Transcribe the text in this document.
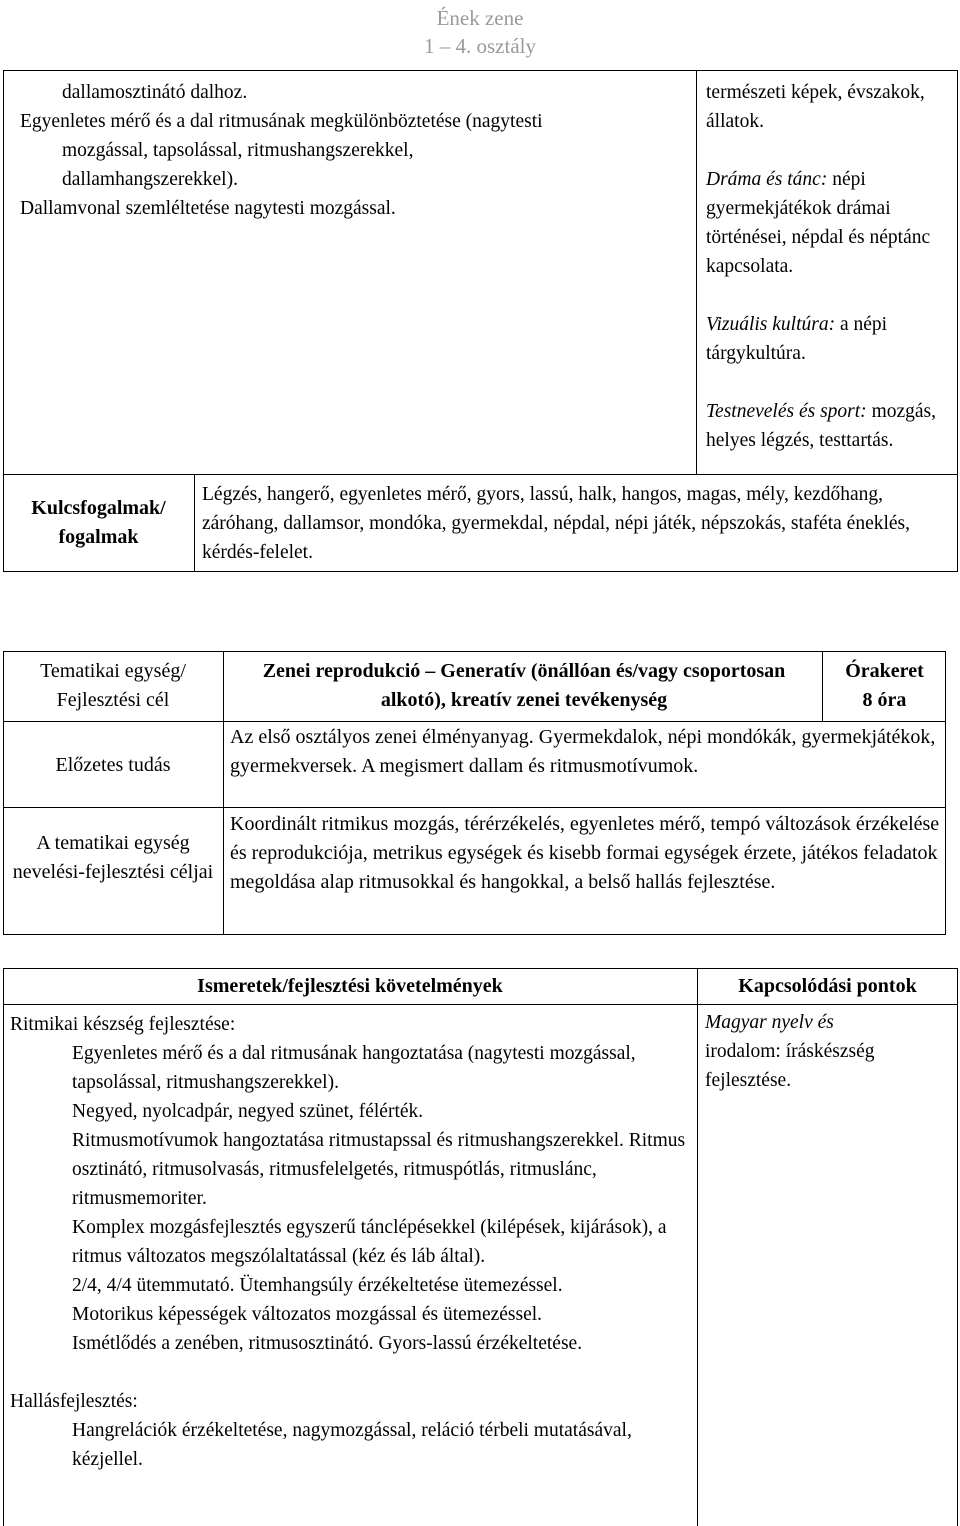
Ének zene
1 – 4. osztály

dallamosztinátó dalhoz.

Egyenletes mérő és a dal ritmusának megkülönböztetése (nagytesti

mozgással, tapsolással, ritmushangszerekkel,

dallamhangszerekkel).

Dallamvonal szemléltetése nagytesti mozgással.

természeti képek, évszakok, állatok.

Dráma és tánc: népi gyermekjátékok drámai történései, népdal és néptánc kapcsolata.

Vizuális kultúra: a népi tárgykultúra.

Testnevelés és sport: mozgás, helyes légzés, testtartás.

Kulcsfogalmak/ fogalmak
Légzés, hangerő, egyenletes mérő, gyors, lassú, halk, hangos, magas, mély, kezdőhang, záróhang, dallamsor, mondóka, gyermekdal, népdal, népi játék, népszokás, staféta éneklés, kérdés-felelet.
Tematikai egység/ Fejlesztési cél
Zenei reprodukció – Generatív (önállóan és/vagy csoportosan alkotó), kreatív zenei tevékenység

Órakeret

8 óra

Előzetes tudás
Az első osztályos zenei élményanyag. Gyermekdalok, népi mondókák, gyermekjátékok, gyermekversek. A megismert dallam és ritmusmotívumok.
A tematikai egység nevelési-fejlesztési céljai
Koordinált ritmikus mozgás, térérzékelés, egyenletes mérő, tempó változások érzékelése és reprodukciója, metrikus egységek és kisebb formai egységek érzete, játékos feladatok megoldása alap ritmusokkal és hangokkal, a belső hallás fejlesztése.
Ismeretek/fejlesztési követelmények	Kapcsolódási pontok

Ritmikai készség fejlesztése:

Egyenletes mérő és a dal ritmusának hangoztatása (nagytesti mozgással, tapsolással, ritmushangszerekkel).

Negyed, nyolcadpár, negyed szünet, félérték.

Ritmusmotívumok hangoztatása ritmustapssal és ritmushangszerekkel. Ritmus osztinátó, ritmusolvasás, ritmusfelelgetés, ritmuspótlás, ritmuslánc, ritmusmemoriter.

Komplex mozgásfejlesztés egyszerű tánclépésekkel (kilépések, kijárások), a ritmus változatos megszólaltatással (kéz és láb által).

2/4, 4/4 ütemmutató. Ütemhangsúly érzékeltetése ütemezéssel.

Motorikus képességek változatos mozgással és ütemezéssel.

Ismétlődés a zenében, ritmusosztinátó. Gyors-lassú érzékeltetése.

Hallásfejlesztés:

Hangrelációk érzékeltetése, nagymozgással, reláció térbeli mutatásával, kézjellel.

Magyar nyelv és

irodalom: íráskészség fejlesztése.
